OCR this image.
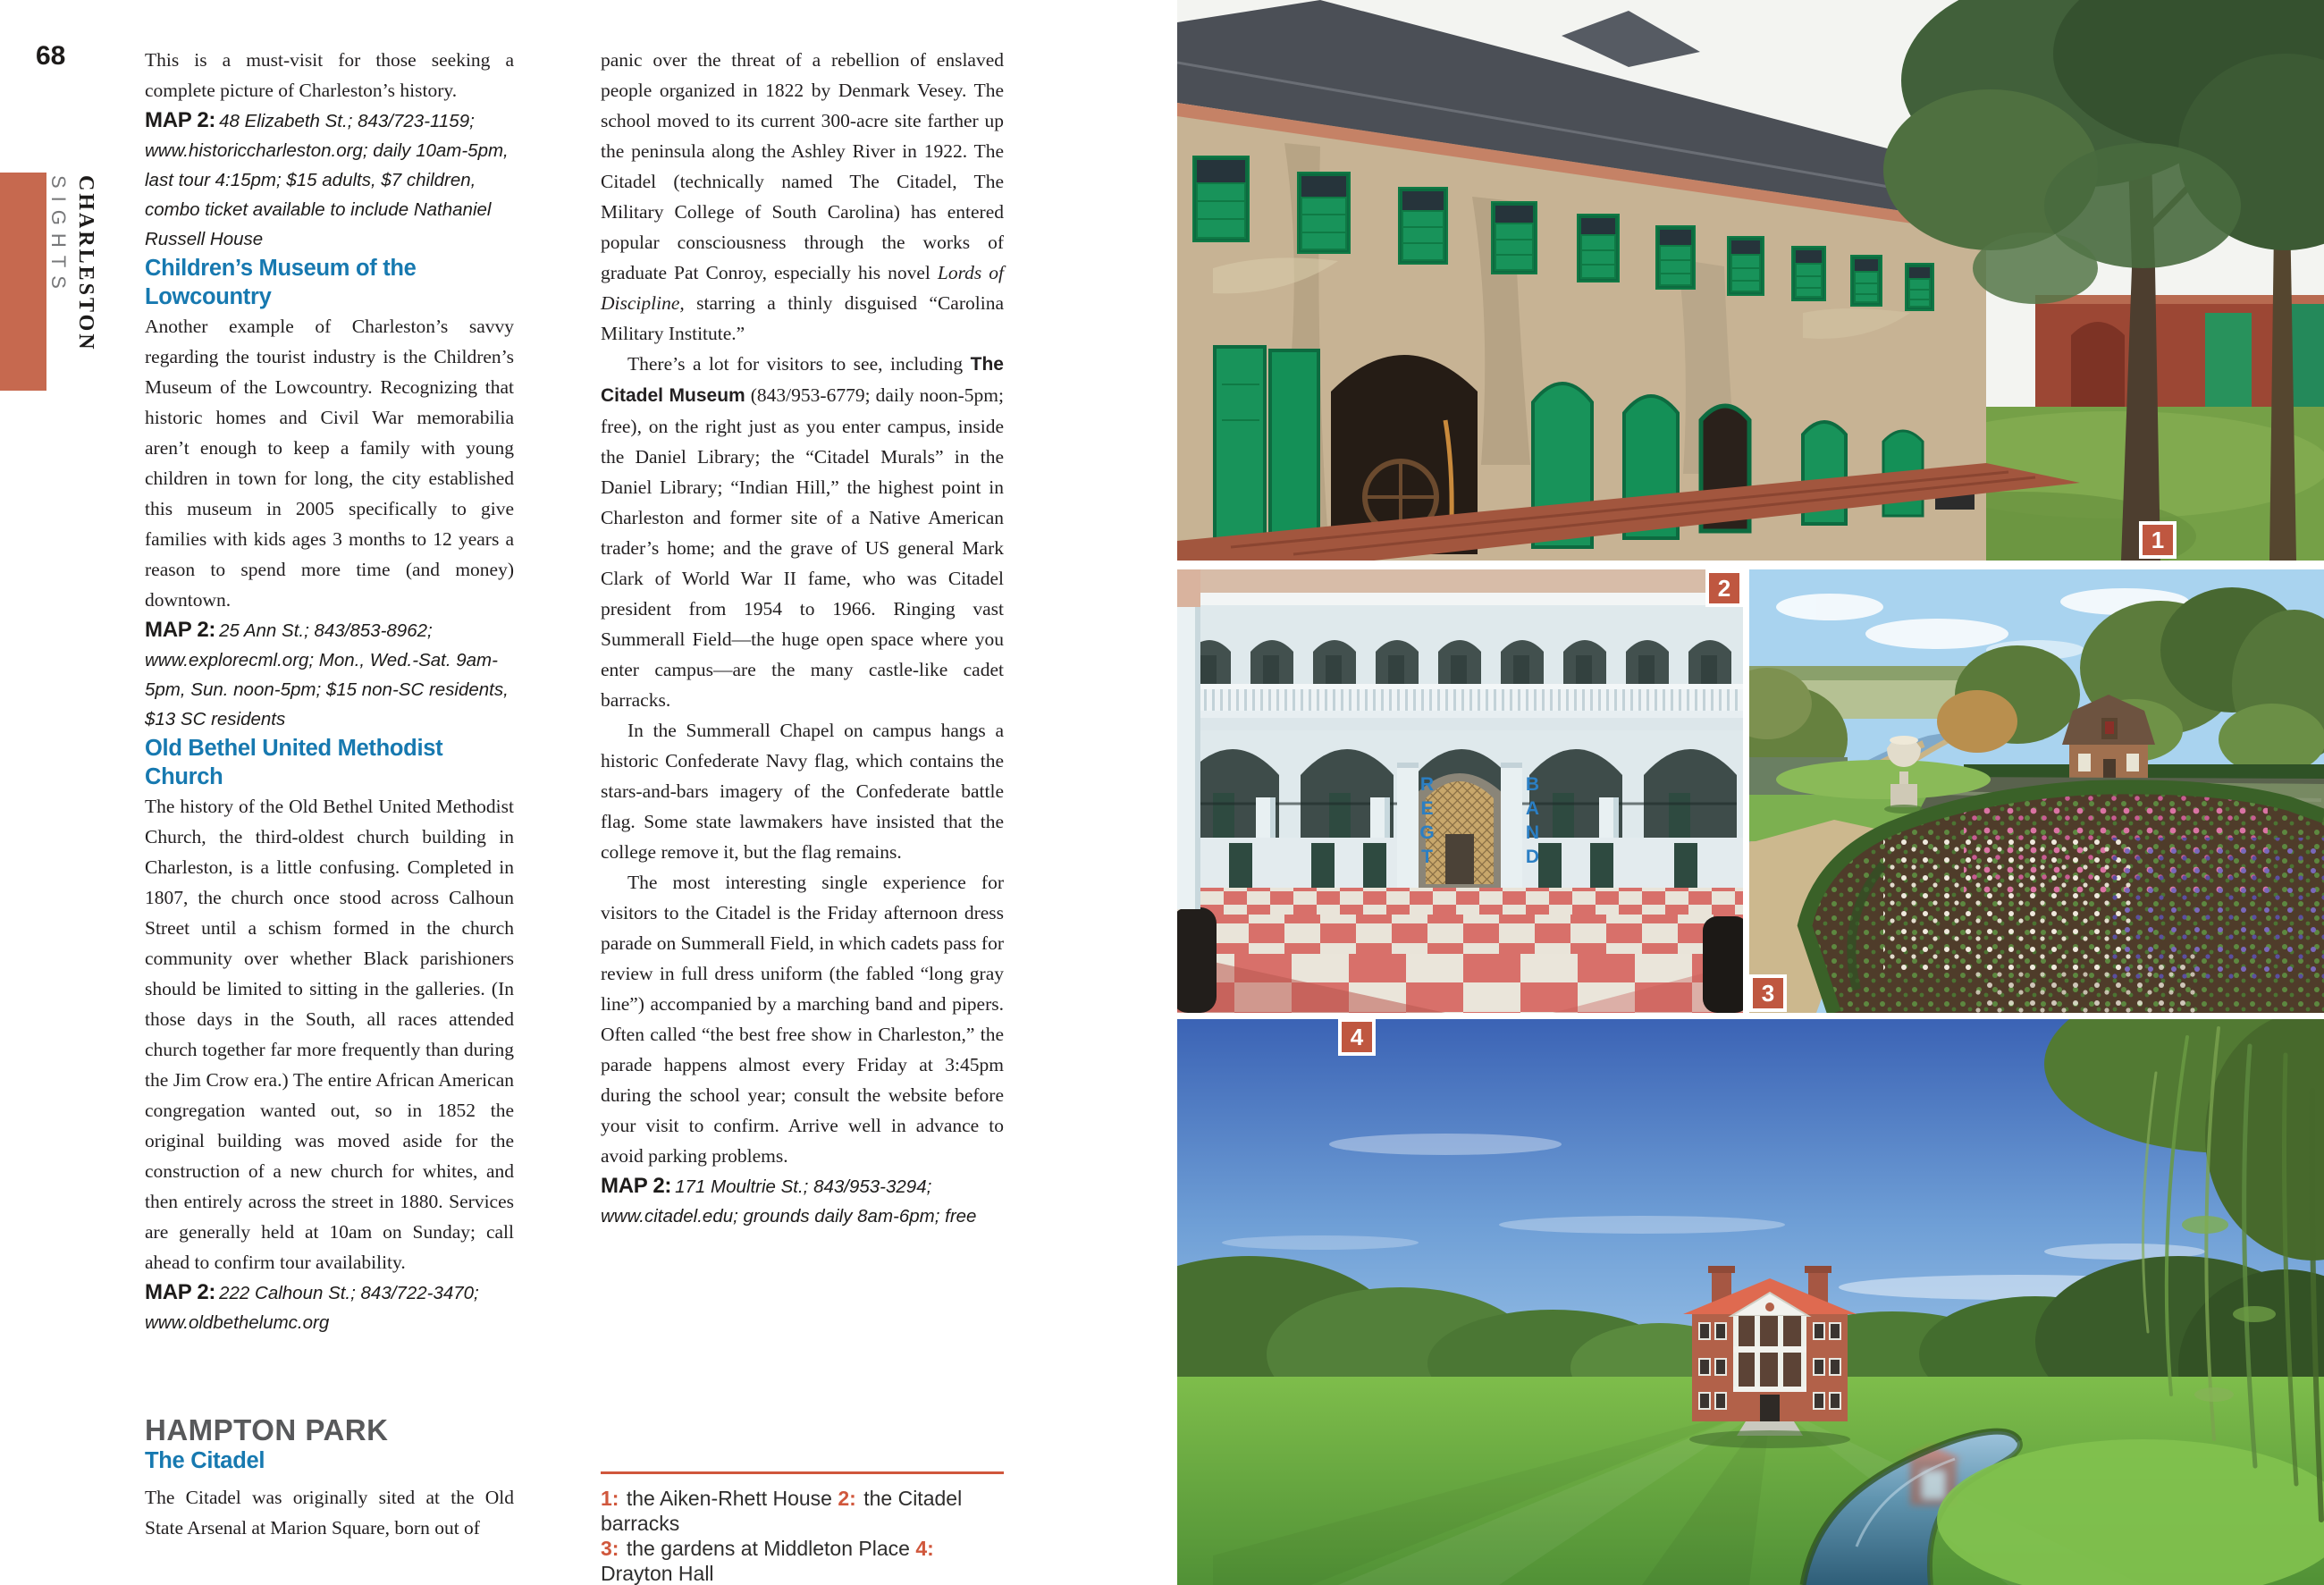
68
CHARLESTON
SIGHTS

This is a must-visit for those seeking a complete picture of Charleston’s history.

MAP 2: 48 Elizabeth St.; 843/723-1159; www.historiccharleston.org; daily 10am-5pm, last tour 4:15pm; $15 adults, $7 children, combo ticket available to include Nathaniel Russell House

Children’s Museum of the Lowcountry

Another example of Charleston’s savvy regarding the tourist industry is the Children’s Museum of the Lowcountry. Recognizing that historic homes and Civil War memorabilia aren’t enough to keep a family with young children in town for long, the city established this museum in 2005 specifically to give families with kids ages 3 months to 12 years a reason to spend more time (and money) downtown.

MAP 2: 25 Ann St.; 843/853-8962; www.explorecml.org; Mon., Wed.-Sat. 9am-5pm, Sun. noon-5pm; $15 non-SC residents, $13 SC residents

Old Bethel United Methodist Church

The history of the Old Bethel United Methodist Church, the third-oldest church building in Charleston, is a little confusing. Completed in 1807, the church once stood across Calhoun Street until a schism formed in the church community over whether Black parishioners should be limited to sitting in the galleries. (In those days in the South, all races attended church together far more frequently than during the Jim Crow era.) The entire African American congregation wanted out, so in 1852 the original building was moved aside for the construction of a new church for whites, and then entirely across the street in 1880. Services are generally held at 10am on Sunday; call ahead to confirm tour availability.

MAP 2: 222 Calhoun St.; 843/722-3470; www.oldbethelumc.org

HAMPTON PARK

The Citadel

The Citadel was originally sited at the Old State Arsenal at Marion Square, born out of

panic over the threat of a rebellion of enslaved people organized in 1822 by Denmark Vesey. The school moved to its current 300-acre site farther up the peninsula along the Ashley River in 1922. The Citadel (technically named The Citadel, The Military College of South Carolina) has entered popular consciousness through the works of graduate Pat Conroy, especially his novel Lords of Discipline, starring a thinly disguised “Carolina Military Institute.”

There’s a lot for visitors to see, including The Citadel Museum (843/953-6779; daily noon-5pm; free), on the right just as you enter campus, inside the Daniel Library; the “Citadel Murals” in the Daniel Library; “Indian Hill,” the highest point in Charleston and former site of a Native American trader’s home; and the grave of US general Mark Clark of World War II fame, who was Citadel president from 1954 to 1966. Ringing vast Summerall Field—the huge open space where you enter campus—are the many castle-like cadet barracks.

In the Summerall Chapel on campus hangs a historic Confederate Navy flag, which contains the stars-and-bars imagery of the Confederate battle flag. Some state lawmakers have insisted that the college remove it, but the flag remains.

The most interesting single experience for visitors to the Citadel is the Friday afternoon dress parade on Summerall Field, in which cadets pass for review in full dress uniform (the fabled “long gray line”) accompanied by a marching band and pipers. Often called “the best free show in Charleston,” the parade happens almost every Friday at 3:45pm during the school year; consult the website before your visit to confirm. Arrive well in advance to avoid parking problems.

MAP 2: 171 Moultrie St.; 843/953-3294; www.citadel.edu; grounds daily 8am-6pm; free

1: the Aiken-Rhett House 2: the Citadel barracks
3: the gardens at Middleton Place 4: Drayton Hall
REGT	BAND
1
2
3
4
